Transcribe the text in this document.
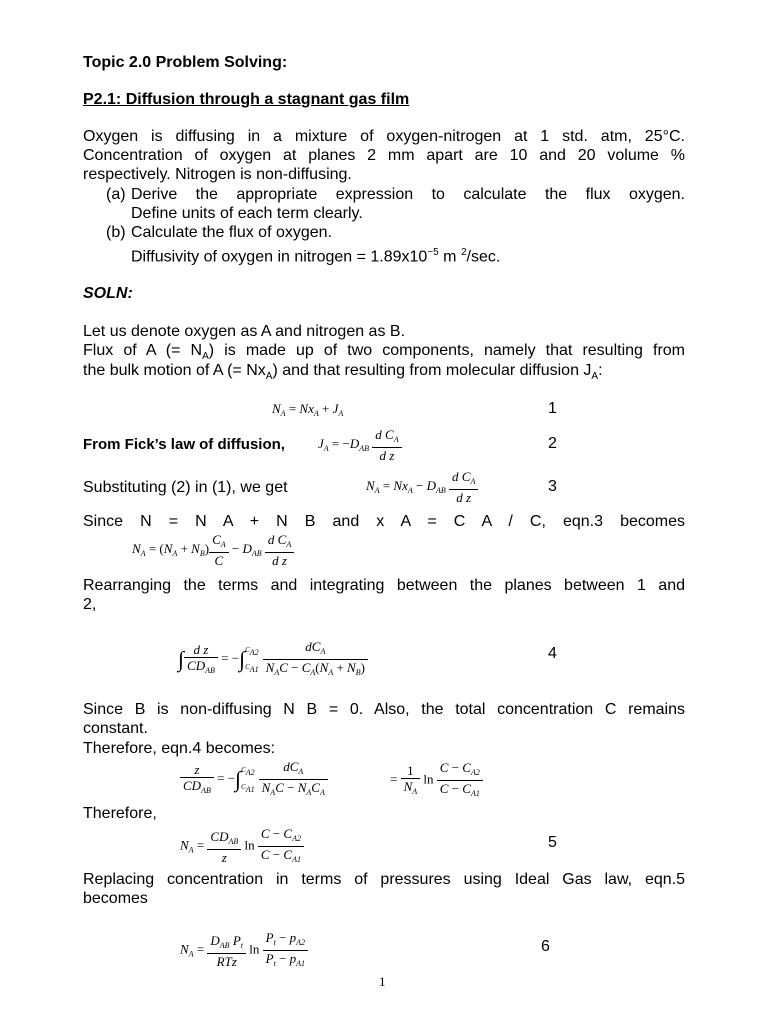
Topic 2.0 Problem Solving:
P2.1: Diffusion through a stagnant gas film
Oxygen is diffusing in a mixture of oxygen-nitrogen at 1 std. atm, 25°C.
Concentration of oxygen at planes 2 mm apart are 10 and 20 volume %
respectively. Nitrogen is non-diffusing.
(a) Derive the appropriate expression to calculate the flux oxygen.
Define units of each term clearly.
(b) Calculate the flux of oxygen.
Diffusivity of oxygen in nitrogen = $1.89x10^{-5}$ m $^2$/sec.
SOLN:
Let us denote oxygen as A and nitrogen as B.
Flux of A (= $N_A$) is made up of two components, namely that resulting from
the bulk motion of A (= $Nx_A$) and that resulting from molecular diffusion $J_A$:
$N_A = Nx_A + J_A$	1
From Fick’s law of diffusion,	$J_A = -D_{AB} \frac{d C_A}{\text{d z}}$	2
Substituting (2) in (1), we get	$N_A = Nx_A - D_{AB} \frac{d C_A}{\text{d z}}$	3
Since N = N A + N B and x A = C A / C, eqn.3 becomes
$N_A = (N_A + N_B) \frac{C_A}{C} - D_{AB} \frac{d C_A}{\text{d z}}$
Rearranging the terms and integrating between the planes between 1 and
2,
∫ $\frac{\text{d z}}{CD_{AB}} = -\int C_{A2}$
$C_{A1} \frac{dC_A}{N_AC - C_A(N_A + N_B)}$	4
Since B is non-diffusing N B = 0. Also, the total concentration C remains
constant.
Therefore, eqn.4 becomes:
$\frac{z}{CD_{AB}} = -\int C_{A2}$
$C_{A1} \frac{dC_A}{N_AC - N_AC_A}$	= $\frac{1}{N_A}$ $\ln \frac{C - C_{A2}}{C - C_{A1}}$
Therefore,
$N_A = \frac{CD_{AB}}{z}$ $\ln \frac{C - C_{A2}}{C - C_{A1}}$	5
Replacing concentration in terms of pressures using Ideal Gas law, eqn.5
becomes
$N_A = \frac{D_{AB} P_t}{\text{RTz}}$ $\ln \frac{P_t - p_{A2}}{P_t - p_{A1}}$	6
1
